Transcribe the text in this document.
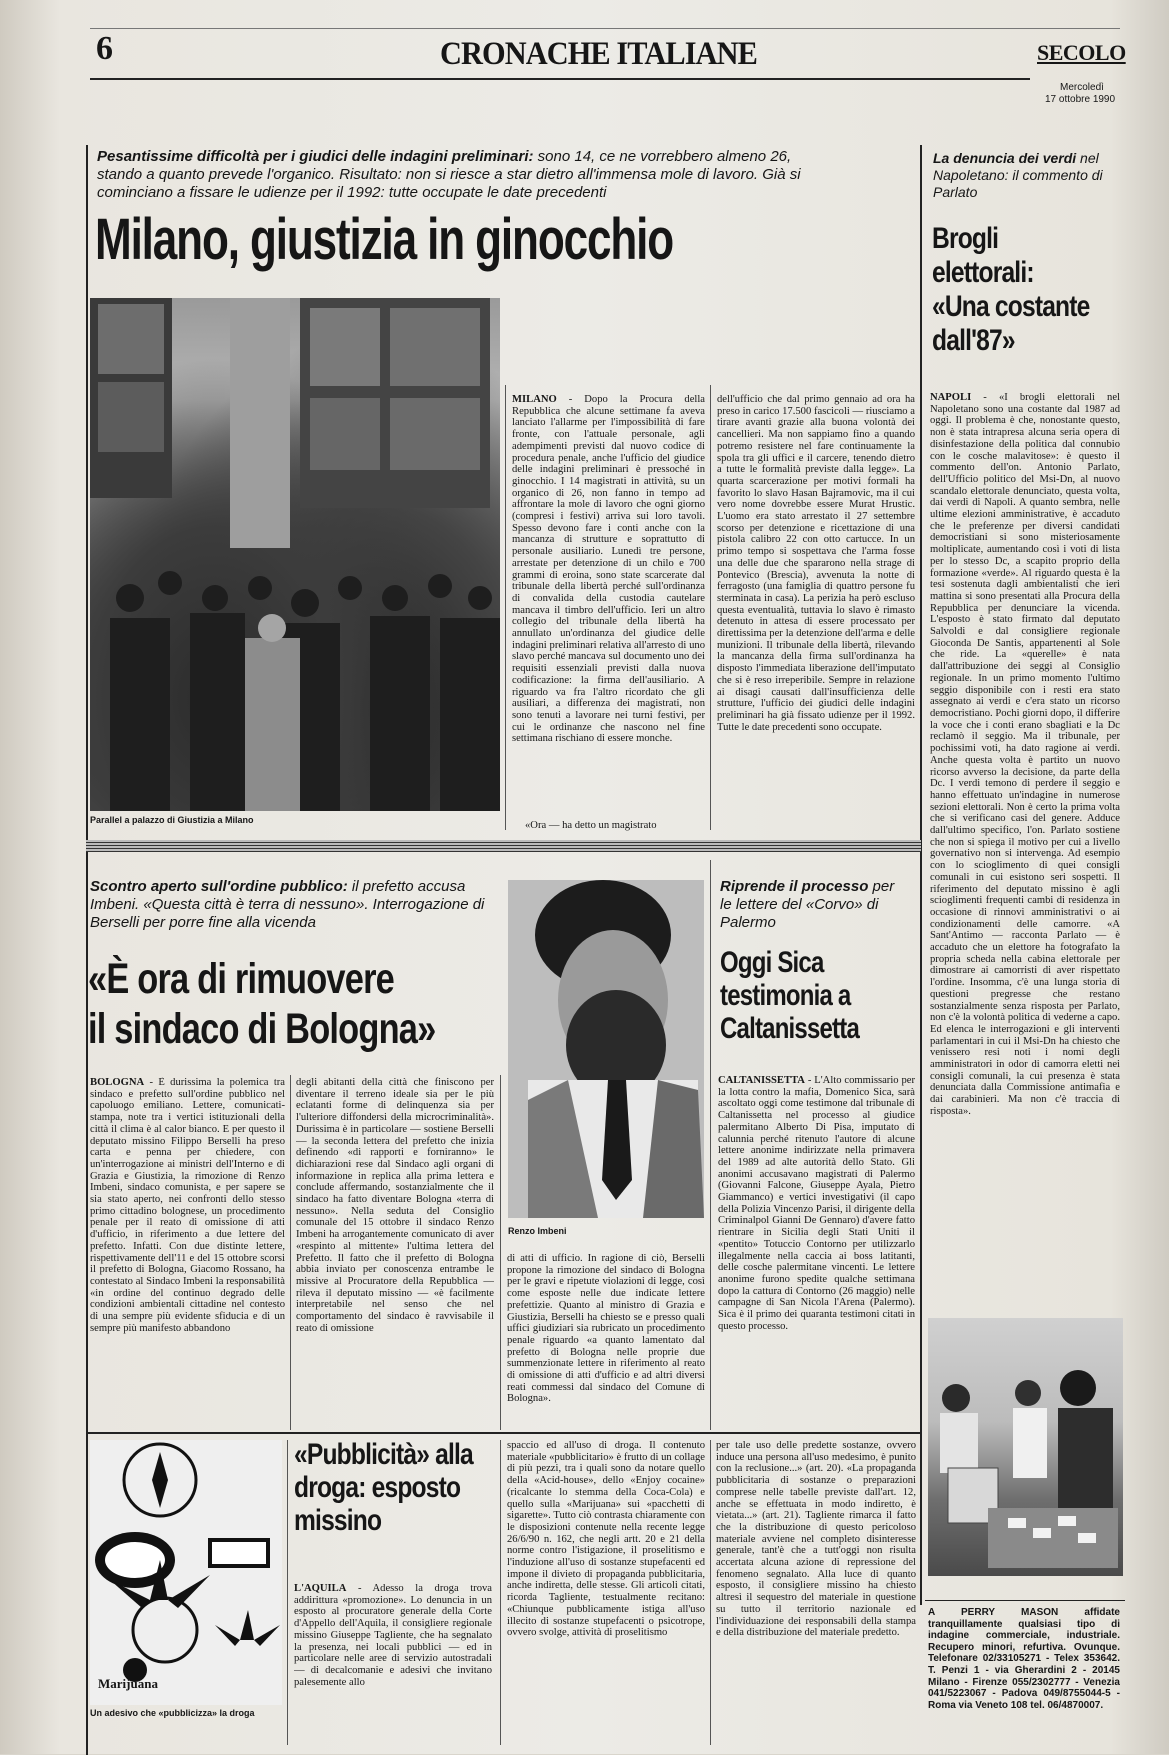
6	CRONACHE ITALIANE	SECOLO
Mercoledì
17 ottobre 1990
Pesantissime difficoltà per i giudici delle indagini preliminari: sono 14, ce ne vorrebbero almeno 26, stando a quanto prevede l'organico. Risultato: non si riesce a star dietro all'immensa mole di lavoro. Già si cominciano a fissare le udienze per il 1992: tutte occupate le date precedenti
Milano, giustizia in ginocchio
Parallel a palazzo di Giustizia a Milano
MILANO - Dopo la Procura della Repubblica che alcune settimane fa aveva lanciato l'allarme per l'impossibilità di fare fronte, con l'attuale personale, agli adempimenti previsti dal nuovo codice di procedura penale, anche l'ufficio del giudice delle indagini preliminari è pressoché in ginocchio. I 14 magistrati in attività, su un organico di 26, non fanno in tempo ad affrontare la mole di lavoro che ogni giorno (compresi i festivi) arriva sui loro tavoli. Spesso devono fare i conti anche con la mancanza di strutture e soprattutto di personale ausiliario. Lunedì tre persone, arrestate per detenzione di un chilo e 700 grammi di eroina, sono state scarcerate dal tribunale della libertà perché sull'ordinanza di convalida della custodia cautelare mancava il timbro dell'ufficio. Ieri un altro collegio del tribunale della libertà ha annullato un'ordinanza del giudice delle indagini preliminari relativa all'arresto di uno slavo perché mancava sul documento uno dei requisiti essenziali previsti dalla nuova codificazione: la firma dell'ausiliario. A riguardo va fra l'altro ricordato che gli ausiliari, a differenza dei magistrati, non sono tenuti a lavorare nei turni festivi, per cui le ordinanze che nascono nel fine settimana rischiano di essere monche.
«Ora — ha detto un magistrato
dell'ufficio che dal primo gennaio ad ora ha preso in carico 17.500 fascicoli — riusciamo a tirare avanti grazie alla buona volontà dei cancellieri. Ma non sappiamo fino a quando potremo resistere nel fare continuamente la spola tra gli uffici e il carcere, tenendo dietro a tutte le formalità previste dalla legge». La quarta scarcerazione per motivi formali ha favorito lo slavo Hasan Bajramovic, ma il cui vero nome dovrebbe essere Murat Hrustic. L'uomo era stato arrestato il 27 settembre scorso per detenzione e ricettazione di una pistola calibro 22 con otto cartucce. In un primo tempo si sospettava che l'arma fosse una delle due che spararono nella strage di Pontevico (Brescia), avvenuta la notte di ferragosto (una famiglia di quattro persone fu sterminata in casa). La perizia ha però escluso questa eventualità, tuttavia lo slavo è rimasto detenuto in attesa di essere processato per direttissima per la detenzione dell'arma e delle munizioni. Il tribunale della libertà, rilevando la mancanza della firma sull'ordinanza ha disposto l'immediata liberazione dell'imputato che si è reso irreperibile. Sempre in relazione ai disagi causati dall'insufficienza delle strutture, l'ufficio dei giudici delle indagini preliminari ha già fissato udienze per il 1992. Tutte le date precedenti sono occupate.
La denuncia dei verdi nel Napoletano: il commento di Parlato
Brogli elettorali: «Una costante dall'87»
NAPOLI - «I brogli elettorali nel Napoletano sono una costante dal 1987 ad oggi. Il problema è che, nonostante questo, non è stata intrapresa alcuna seria opera di disinfestazione della politica dal connubio con le cosche malavitose»: è questo il commento dell'on. Antonio Parlato, dell'Ufficio politico del Msi-Dn, al nuovo scandalo elettorale denunciato, questa volta, dai verdi di Napoli. A quanto sembra, nelle ultime elezioni amministrative, è accaduto che le preferenze per diversi candidati democristiani si sono misteriosamente moltiplicate, aumentando così i voti di lista per lo stesso Dc, a scapito proprio della formazione «verde». Al riguardo questa è la tesi sostenuta dagli ambientalisti che ieri mattina si sono presentati alla Procura della Repubblica per denunciare la vicenda. L'esposto è stato firmato dal deputato Salvoldi e dal consigliere regionale Gioconda De Santis, appartenenti al Sole che ride. La «querelle» è nata dall'attribuzione dei seggi al Consiglio regionale. In un primo momento l'ultimo seggio disponibile con i resti era stato assegnato ai verdi e c'era stato un ricorso democristiano. Pochi giorni dopo, il differire la voce che i conti erano sbagliati e la Dc reclamò il seggio. Ma il tribunale, per pochissimi voti, ha dato ragione ai verdi. Anche questa volta è partito un nuovo ricorso avverso la decisione, da parte della Dc. I verdi temono di perdere il seggio e hanno effettuato un'indagine in numerose sezioni elettorali. Non è certo la prima volta che si verificano casi del genere. Adduce dall'ultimo specifico, l'on. Parlato sostiene che non si spiega il motivo per cui a livello governativo non si intervenga. Ad esempio con lo scioglimento di quei consigli comunali in cui esistono seri sospetti. Il riferimento del deputato missino è agli scioglimenti frequenti cambi di residenza in occasione di rinnovi amministrativi o ai condizionamenti delle camorre. «A Sant'Antimo — racconta Parlato — è accaduto che un elettore ha fotografato la propria scheda nella cabina elettorale per dimostrare ai camorristi di aver rispettato l'ordine. Insomma, c'è una lunga storia di questioni pregresse che restano sostanzialmente senza risposta per Parlato, non c'è la volontà politica di vederne a capo. Ed elenca le interrogazioni e gli interventi parlamentari in cui il Msi-Dn ha chiesto che venissero resi noti i nomi degli amministratori in odor di camorra eletti nei consigli comunali, la cui presenza è stata denunciata dalla Commissione antimafia e dai carabinieri. Ma non c'è traccia di risposta».
A PERRY MASON affidate tranquillamente qualsiasi tipo di indagine commerciale, industriale. Recupero minori, refurtiva. Ovunque. Telefonare 02/33105271 - Telex 353642. T. Penzi 1 - via Gherardini 2 - 20145 Milano - Firenze 055/2302777 - Venezia 041/5223067 - Padova 049/8755044-5 - Roma via Veneto 108 tel. 06/4870007.
Scontro aperto sull'ordine pubblico: il prefetto accusa Imbeni. «Questa città è terra di nessuno». Interrogazione di Berselli per porre fine alla vicenda
«È ora di rimuovere
il sindaco di Bologna»
Renzo Imbeni
BOLOGNA - È durissima la polemica tra sindaco e prefetto sull'ordine pubblico nel capoluogo emiliano. Lettere, comunicati-stampa, note tra i vertici istituzionali della città il clima è al calor bianco. E per questo il deputato missino Filippo Berselli ha preso carta e penna per chiedere, con un'interrogazione ai ministri dell'Interno e di Grazia e Giustizia, la rimozione di Renzo Imbeni, sindaco comunista, e per sapere se sia stato aperto, nei confronti dello stesso primo cittadino bolognese, un procedimento penale per il reato di omissione di atti d'ufficio, in riferimento a due lettere del prefetto. Infatti. Con due distinte lettere, rispettivamente dell'11 e del 15 ottobre scorsi il prefetto di Bologna, Giacomo Rossano, ha contestato al Sindaco Imbeni la responsabilità «in ordine del continuo degrado delle condizioni ambientali cittadine nel contesto di una sempre più evidente sfiducia e di un sempre più manifesto abbandono
degli abitanti della città che finiscono per diventare il terreno ideale sia per le più eclatanti forme di delinquenza sia per l'ulteriore diffondersi della microcriminalità». Durissima è in particolare — sostiene Berselli — la seconda lettera del prefetto che inizia definendo «di rapporti e forniranno» le dichiarazioni rese dal Sindaco agli organi di informazione in replica alla prima lettera e conclude affermando, sostanzialmente che il sindaco ha fatto diventare Bologna «terra di nessuno». Nella seduta del Consiglio comunale del 15 ottobre il sindaco Renzo Imbeni ha arrogantemente comunicato di aver «respinto al mittente» l'ultima lettera del Prefetto. Il fatto che il prefetto di Bologna abbia inviato per conoscenza entrambe le missive al Procuratore della Repubblica — rileva il deputato missino — «è facilmente interpretabile nel senso che nel comportamento del sindaco è ravvisabile il reato di omissione
di atti di ufficio. In ragione di ciò, Berselli propone la rimozione del sindaco di Bologna per le gravi e ripetute violazioni di legge, così come esposte nelle due indicate lettere prefettizie. Quanto al ministro di Grazia e Giustizia, Berselli ha chiesto se e presso quali uffici giudiziari sia rubricato un procedimento penale riguardo «a quanto lamentato dal prefetto di Bologna nelle proprie due summenzionate lettere in riferimento al reato di omissione di atti d'ufficio e ad altri diversi reati commessi dal sindaco del Comune di Bologna».
Riprende il processo per le lettere del «Corvo» di Palermo
Oggi Sica testimonia a Caltanissetta
CALTANISSETTA - L'Alto commissario per la lotta contro la mafia, Domenico Sica, sarà ascoltato oggi come testimone dal tribunale di Caltanissetta nel processo al giudice palermitano Alberto Di Pisa, imputato di calunnia perché ritenuto l'autore di alcune lettere anonime indirizzate nella primavera del 1989 ad alte autorità dello Stato. Gli anonimi accusavano magistrati di Palermo (Giovanni Falcone, Giuseppe Ayala, Pietro Giammanco) e vertici investigativi (il capo della Polizia Vincenzo Parisi, il dirigente della Criminalpol Gianni De Gennaro) d'avere fatto rientrare in Sicilia degli Stati Uniti il «pentito» Totuccio Contorno per utilizzarlo illegalmente nella caccia ai boss latitanti, delle cosche palermitane vincenti. Le lettere anonime furono spedite qualche settimana dopo la cattura di Contorno (26 maggio) nelle campagne di San Nicola l'Arena (Palermo). Sica è il primo dei quaranta testimoni citati in questo processo.
Marijuana
Un adesivo che «pubblicizza» la droga
«Pubblicità» alla droga: esposto missino
L'AQUILA - Adesso la droga trova addirittura «promozione». Lo denuncia in un esposto al procuratore generale della Corte d'Appello dell'Aquila, il consigliere regionale missino Giuseppe Tagliente, che ha segnalato la presenza, nei locali pubblici — ed in particolare nelle aree di servizio autostradali — di decalcomanie e adesivi che invitano palesemente allo
spaccio ed all'uso di droga. Il contenuto materiale «pubblicitario» è frutto di un collage di più pezzi, tra i quali sono da notare quello della «Acid-house», dello «Enjoy cocaine» (ricalcante lo stemma della Coca-Cola) e quello sulla «Marijuana» sui «pacchetti di sigarette». Tutto ciò contrasta chiaramente con le disposizioni contenute nella recente legge 26/6/90 n. 162, che negli artt. 20 e 21 della norme contro l'istigazione, il proselitismo e l'induzione all'uso di sostanze stupefacenti ed impone il divieto di propaganda pubblicitaria, anche indiretta, delle stesse. Gli articoli citati, ricorda Tagliente, testualmente recitano: «Chiunque pubblicamente istiga all'uso illecito di sostanze stupefacenti o psicotrope, ovvero svolge, attività di proselitismo
per tale uso delle predette sostanze, ovvero induce una persona all'uso medesimo, è punito con la reclusione...» (art. 20). «La propaganda pubblicitaria di sostanze o preparazioni comprese nelle tabelle previste dall'art. 12, anche se effettuata in modo indiretto, è vietata...» (art. 21). Tagliente rimarca il fatto che la distribuzione di questo pericoloso materiale avviene nel completo disinteresse generale, tant'è che a tutt'oggi non risulta accertata alcuna azione di repressione del fenomeno segnalato. Alla luce di quanto esposto, il consigliere missino ha chiesto altresì il sequestro del materiale in questione su tutto il territorio nazionale ed l'individuazione dei responsabili della stampa e della distribuzione del materiale predetto.
